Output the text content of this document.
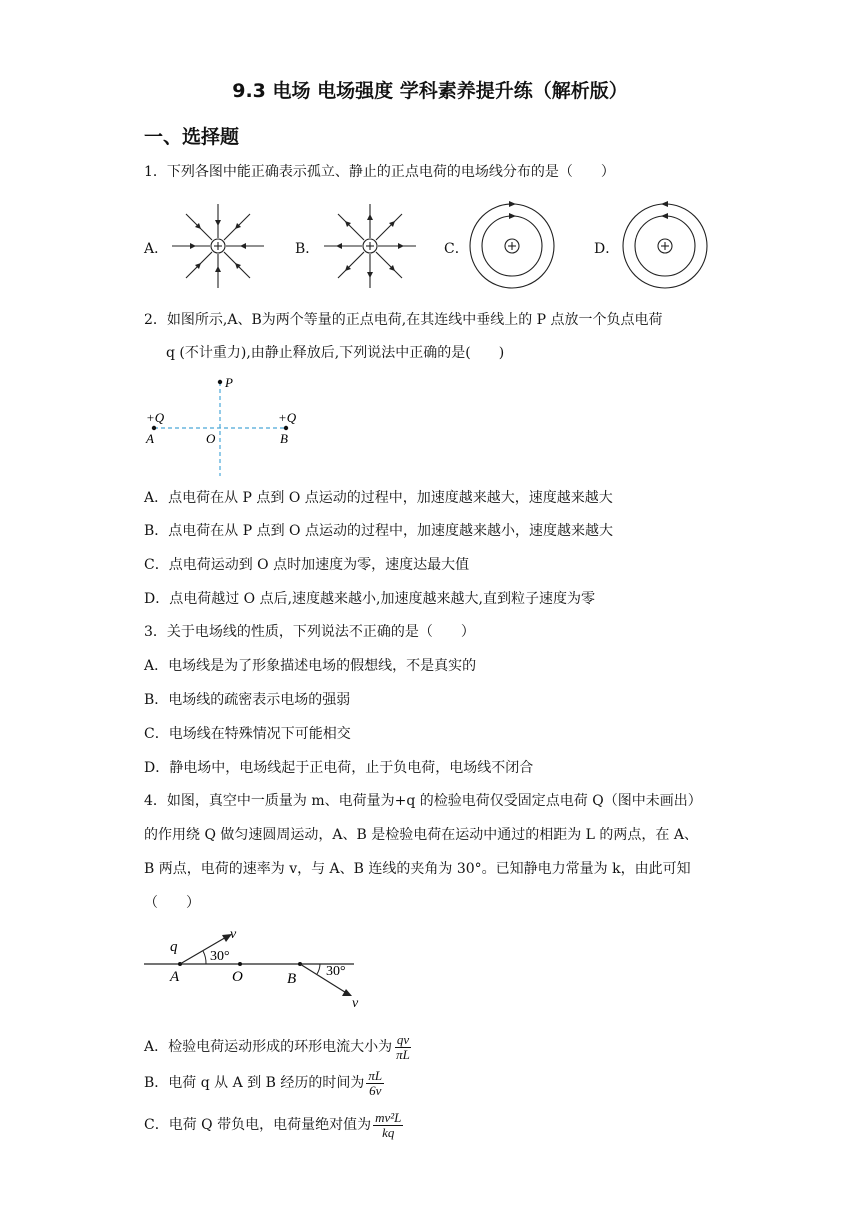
9.3 电场 电场强度 学科素养提升练（解析版）
一、选择题
1．下列各图中能正确表示孤立、静止的正点电荷的电场线分布的是（　　）
A．	B．	C．	D．
2．如图所示,A、B为两个等量的正点电荷,在其连线中垂线上的 P 点放一个负点电荷
q (不计重力),由静止释放后,下列说法中正确的是(　　)
P
+Q	+Q
A	O	B
A．点电荷在从 P 点到 O 点运动的过程中，加速度越来越大，速度越来越大
B．点电荷在从 P 点到 O 点运动的过程中，加速度越来越小，速度越来越大
C．点电荷运动到 O 点时加速度为零，速度达最大值
D．点电荷越过 O 点后,速度越来越小,加速度越来越大,直到粒子速度为零
3．关于电场线的性质，下列说法不正确的是（　　）
A．电场线是为了形象描述电场的假想线，不是真实的
B．电场线的疏密表示电场的强弱
C．电场线在特殊情况下可能相交
D．静电场中，电场线起于正电荷，止于负电荷，电场线不闭合
4．如图，真空中一质量为 m、电荷量为+q 的检验电荷仅受固定点电荷 Q（图中未画出）
的作用绕 Q 做匀速圆周运动，A、B 是检验电荷在运动中通过的相距为 L 的两点，在 A、
B 两点，电荷的速率为 v，与 A、B 连线的夹角为 30°。已知静电力常量为 k，由此可知
（　　）
q
v
30°
A	O	B 30°
v
A．检验电荷运动形成的环形电流大小为 $\frac{qv}{\pi L}$
B．电荷 q 从 A 到 B 经历的时间为 $\frac{\pi L}{6v}$
C．电荷 Q 带负电，电荷量绝对值为 $\frac{\text{mv²L}}{kq}$
